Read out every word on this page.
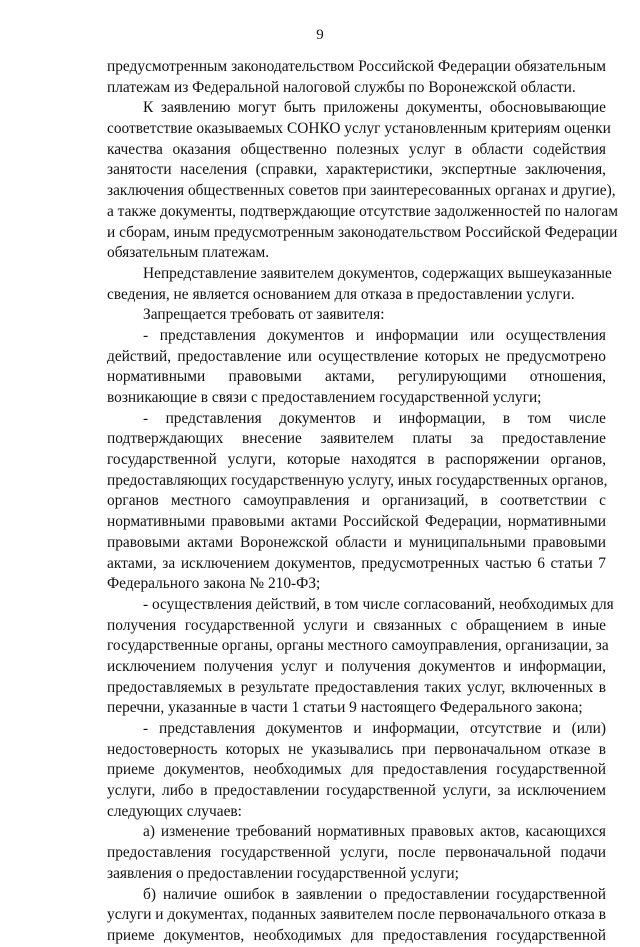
9
предусмотренным законодательством Российской Федерации обязательным
платежам из Федеральной налоговой службы по Воронежской области.
К заявлению могут быть приложены документы, обосновывающие
соответствие оказываемых СОНКО услуг установленным критериям оценки
качества оказания общественно полезных услуг в области содействия
занятости населения (справки, характеристики, экспертные заключения,
заключения общественных советов при заинтересованных органах и другие),
а также документы, подтверждающие отсутствие задолженностей по налогам
и сборам, иным предусмотренным законодательством Российской Федерации
обязательным платежам.
Непредставление заявителем документов, содержащих вышеуказанные
сведения, не является основанием для отказа в предоставлении услуги.
Запрещается требовать от заявителя:
- представления документов и информации или осуществления
действий, предоставление или осуществление которых не предусмотрено
нормативными правовыми актами, регулирующими отношения,
возникающие в связи с предоставлением государственной услуги;
- представления документов и информации, в том числе
подтверждающих внесение заявителем платы за предоставление
государственной услуги, которые находятся в распоряжении органов,
предоставляющих государственную услугу, иных государственных органов,
органов местного самоуправления и организаций, в соответствии с
нормативными правовыми актами Российской Федерации, нормативными
правовыми актами Воронежской области и муниципальными правовыми
актами, за исключением документов, предусмотренных частью 6 статьи 7
Федерального закона № 210-ФЗ;
- осуществления действий, в том числе согласований, необходимых для
получения государственной услуги и связанных с обращением в иные
государственные органы, органы местного самоуправления, организации, за
исключением получения услуг и получения документов и информации,
предоставляемых в результате предоставления таких услуг, включенных в
перечни, указанные в части 1 статьи 9 настоящего Федерального закона;
- представления документов и информации, отсутствие и (или)
недостоверность которых не указывались при первоначальном отказе в
приеме документов, необходимых для предоставления государственной
услуги, либо в предоставлении государственной услуги, за исключением
следующих случаев:
а) изменение требований нормативных правовых актов, касающихся
предоставления государственной услуги, после первоначальной подачи
заявления о предоставлении государственной услуги;
б) наличие ошибок в заявлении о предоставлении государственной
услуги и документах, поданных заявителем после первоначального отказа в
приеме документов, необходимых для предоставления государственной
